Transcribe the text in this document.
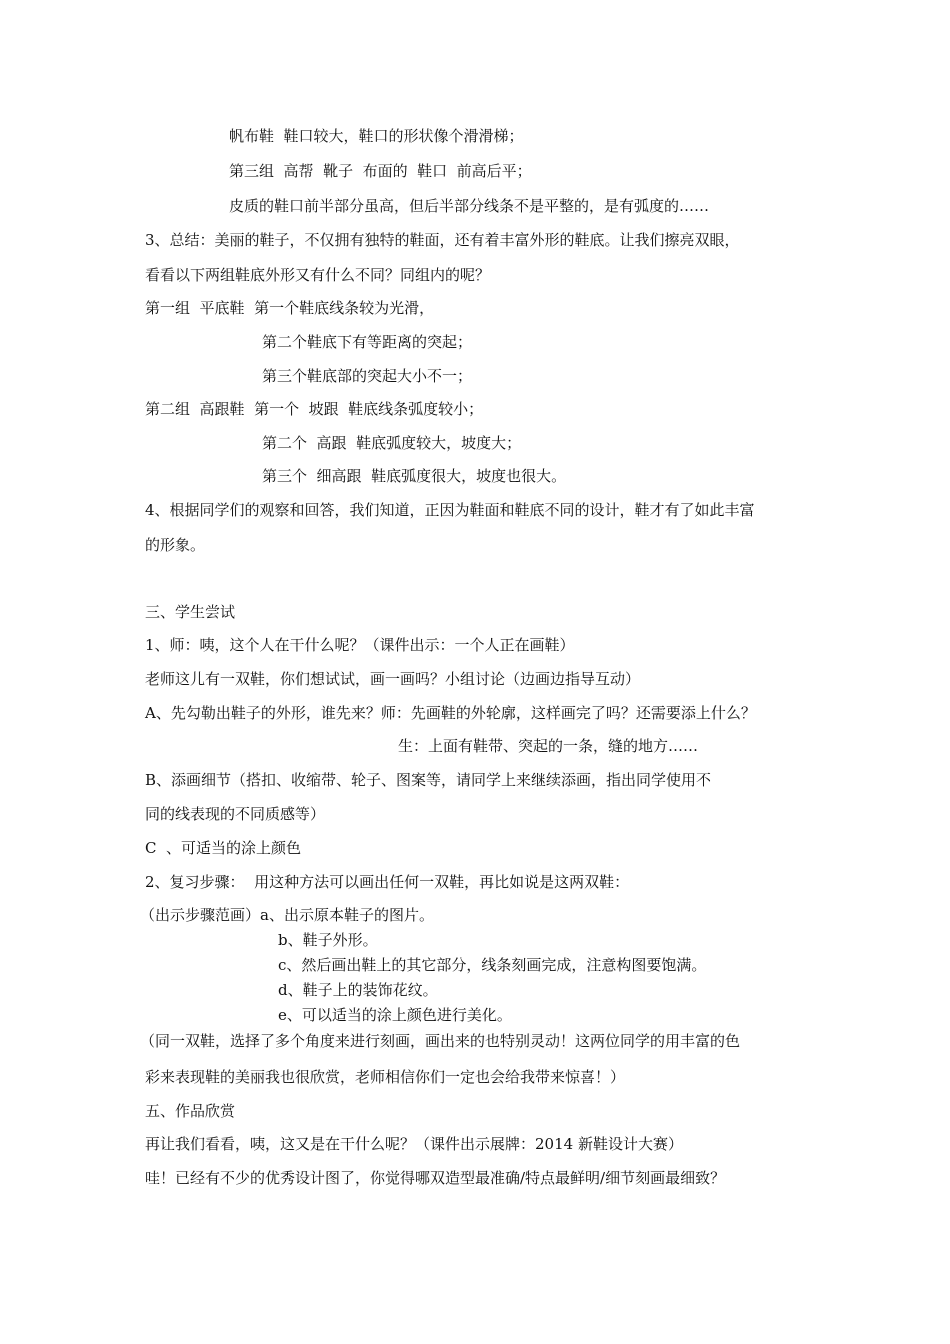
帆布鞋  鞋口较大，鞋口的形状像个滑滑梯；
第三组  高帮  靴子  布面的  鞋口  前高后平；
皮质的鞋口前半部分虽高，但后半部分线条不是平整的，是有弧度的……
3、总结：美丽的鞋子，不仅拥有独特的鞋面，还有着丰富外形的鞋底。让我们擦亮双眼，
看看以下两组鞋底外形又有什么不同？同组内的呢？
第一组  平底鞋  第一个鞋底线条较为光滑，
第二个鞋底下有等距离的突起；
第三个鞋底部的突起大小不一；
第二组  高跟鞋  第一个  坡跟  鞋底线条弧度较小；
第二个  高跟  鞋底弧度较大，坡度大；
第三个  细高跟  鞋底弧度很大，坡度也很大。
4、根据同学们的观察和回答，我们知道，正因为鞋面和鞋底不同的设计，鞋才有了如此丰富
的形象。
三、学生尝试
1、师：咦，这个人在干什么呢？（课件出示：一个人正在画鞋）
老师这儿有一双鞋，你们想试试，画一画吗？小组讨论（边画边指导互动）
A、先勾勒出鞋子的外形，谁先来？师：先画鞋的外轮廓，这样画完了吗？还需要添上什么？
生：上面有鞋带、突起的一条，缝的地方……
B、添画细节（搭扣、收缩带、轮子、图案等，请同学上来继续添画，指出同学使用不
同的线表现的不同质感等）
C  、可适当的涂上颜色
2、复习步骤：  用这种方法可以画出任何一双鞋，再比如说是这两双鞋：
（出示步骤范画）a、出示原本鞋子的图片。
b、鞋子外形。
c、然后画出鞋上的其它部分，线条刻画完成，注意构图要饱满。
d、鞋子上的装饰花纹。
e、可以适当的涂上颜色进行美化。
（同一双鞋，选择了多个角度来进行刻画，画出来的也特别灵动！这两位同学的用丰富的色
彩来表现鞋的美丽我也很欣赏，老师相信你们一定也会给我带来惊喜！）
五、作品欣赏
再让我们看看，咦，这又是在干什么呢？（课件出示展牌：2014 新鞋设计大赛）
哇！已经有不少的优秀设计图了，你觉得哪双造型最准确/特点最鲜明/细节刻画最细致？
